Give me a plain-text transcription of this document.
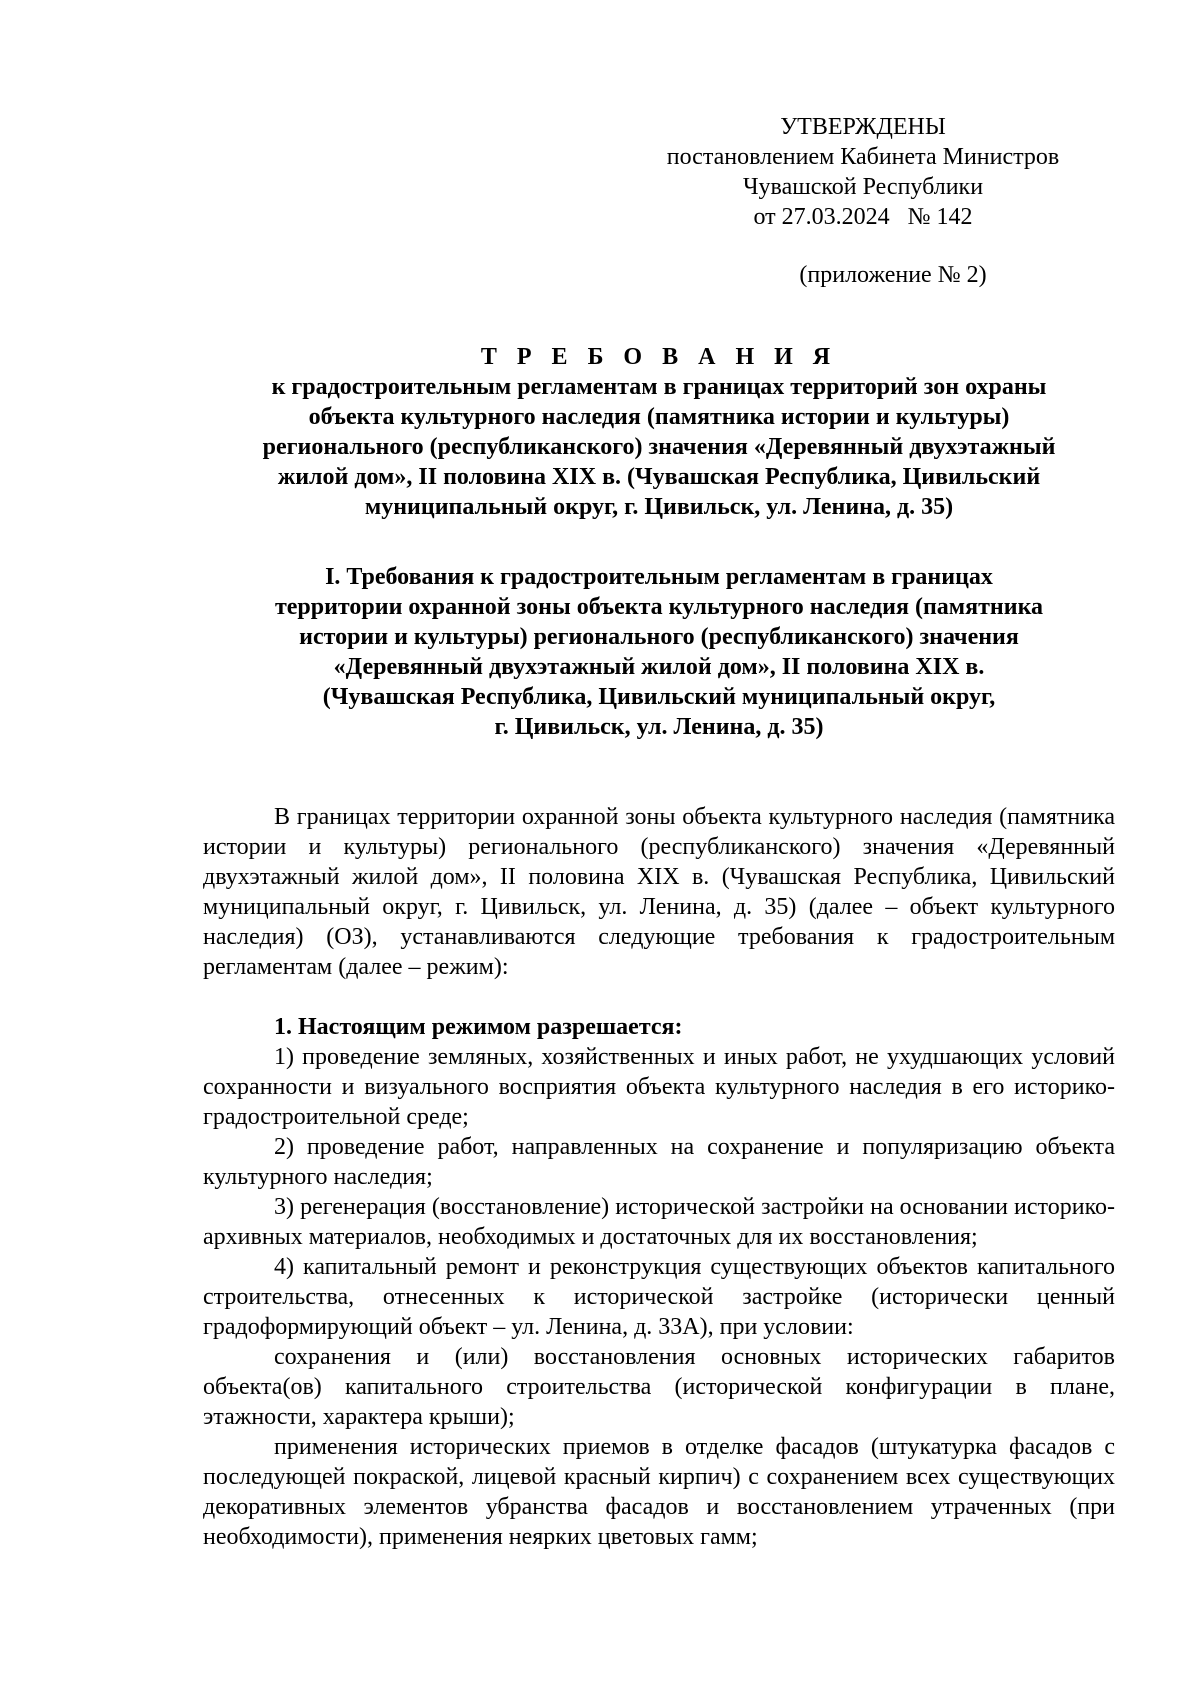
УТВЕРЖДЕНЫ
постановлением Кабинета Министров
Чувашской Республики
от 27.03.2024   № 142
(приложение № 2)
Т Р Е Б О В А Н И Я
к градостроительным регламентам в границах территорий зон охраны
объекта культурного наследия (памятника истории и культуры)
регионального (республиканского) значения «Деревянный двухэтажный
жилой дом», II половина XIX в. (Чувашская Республика, Цивильский
муниципальный округ, г. Цивильск, ул. Ленина, д. 35)
I. Требования к градостроительным регламентам в границах
территории охранной зоны объекта культурного наследия (памятника
истории и культуры) регионального (республиканского) значения
«Деревянный двухэтажный жилой дом», II половина XIX в.
(Чувашская Республика, Цивильский муниципальный округ,
г. Цивильск, ул. Ленина, д. 35)

В границах территории охранной зоны объекта культурного наследия (памятника истории и культуры) регионального (республиканского) значения «Деревянный двухэтажный жилой дом», II половина XIX в. (Чувашская Республика, Цивильский муниципальный округ, г. Цивильск, ул. Ленина, д. 35) (далее – объект культурного наследия) (ОЗ), устанавливаются следующие требования к градостроительным регламентам (далее – режим):

1. Настоящим режимом разрешается:

1) проведение земляных, хозяйственных и иных работ, не ухудшающих условий сохранности и визуального восприятия объекта культурного наследия в его историко-градостроительной среде;

2) проведение работ, направленных на сохранение и популяризацию объекта культурного наследия;

3) регенерация (восстановление) исторической застройки на основании историко-архивных материалов, необходимых и достаточных для их восстановления;

4) капитальный ремонт и реконструкция существующих объектов капитального строительства, отнесенных к исторической застройке (исторически ценный градоформирующий объект – ул. Ленина, д. 33А), при условии:

сохранения и (или) восстановления основных исторических габаритов объекта(ов) капитального строительства (исторической конфигурации в плане, этажности, характера крыши);

применения исторических приемов в отделке фасадов (штукатурка фасадов с последующей покраской, лицевой красный кирпич) с сохранением всех существующих декоративных элементов убранства фасадов и восстановлением утраченных (при необходимости), применения неярких цветовых гамм;
